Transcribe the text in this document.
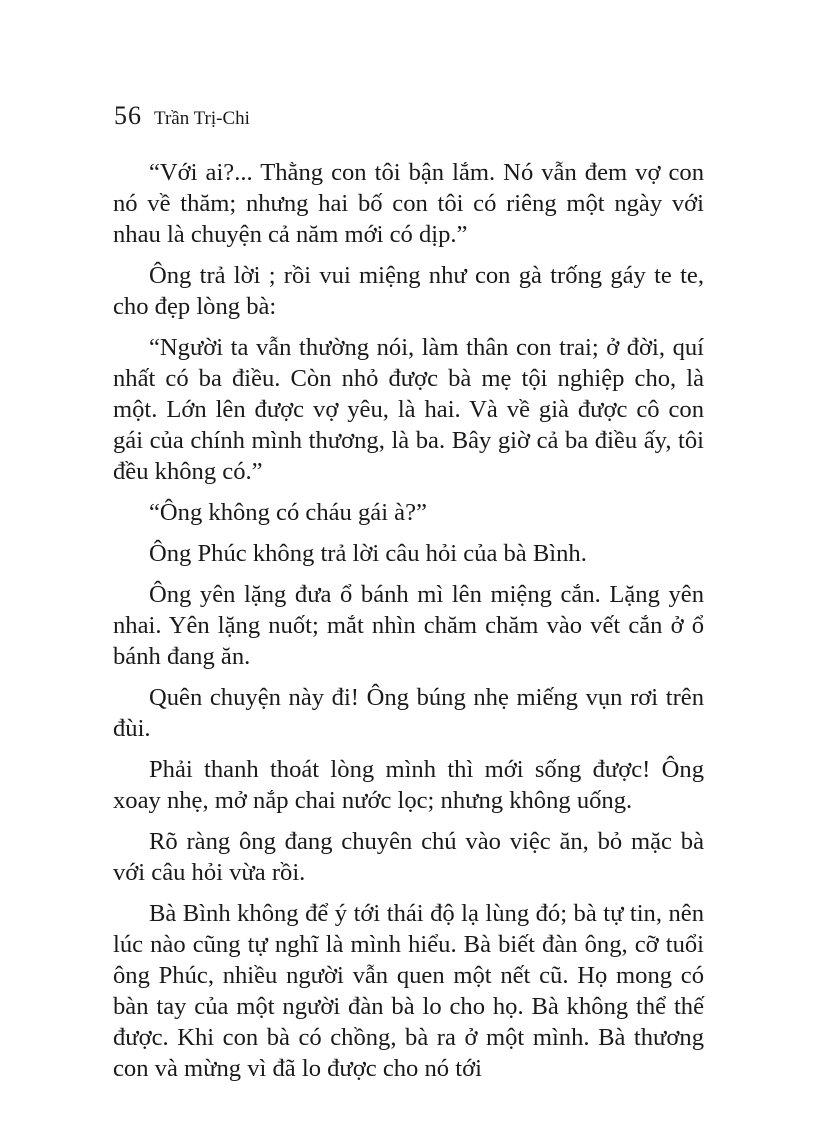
56 Trần Trị-Chi

“Với ai?... Thằng con tôi bận lắm. Nó vẫn đem vợ con nó về thăm; nhưng hai bố con tôi có riêng một ngày với nhau là chuyện cả năm mới có dịp.”

Ông trả lời ; rồi vui miệng như con gà trống gáy te te, cho đẹp lòng bà:

“Người ta vẫn thường nói, làm thân con trai; ở đời, quí nhất có ba điều. Còn nhỏ được bà mẹ tội nghiệp cho, là một. Lớn lên được vợ yêu, là hai. Và về già được cô con gái của chính mình thương, là ba. Bây giờ cả ba điều ấy, tôi đều không có.”

“Ông không có cháu gái à?”

Ông Phúc không trả lời câu hỏi của bà Bình.

Ông yên lặng đưa ổ bánh mì lên miệng cắn. Lặng yên nhai. Yên lặng nuốt; mắt nhìn chăm chăm vào vết cắn ở ổ bánh đang ăn.

Quên chuyện này đi! Ông búng nhẹ miếng vụn rơi trên đùi.

Phải thanh thoát lòng mình thì mới sống được! Ông xoay nhẹ, mở nắp chai nước lọc; nhưng không uống.

Rõ ràng ông đang chuyên chú vào việc ăn, bỏ mặc bà với câu hỏi vừa rồi.

Bà Bình không để ý tới thái độ lạ lùng đó; bà tự tin, nên lúc nào cũng tự nghĩ là mình hiểu. Bà biết đàn ông, cỡ tuổi ông Phúc, nhiều người vẫn quen một nết cũ. Họ mong có bàn tay của một người đàn bà lo cho họ. Bà không thể thế được. Khi con bà có chồng, bà ra ở một mình. Bà thương con và mừng vì đã lo được cho nó tới
